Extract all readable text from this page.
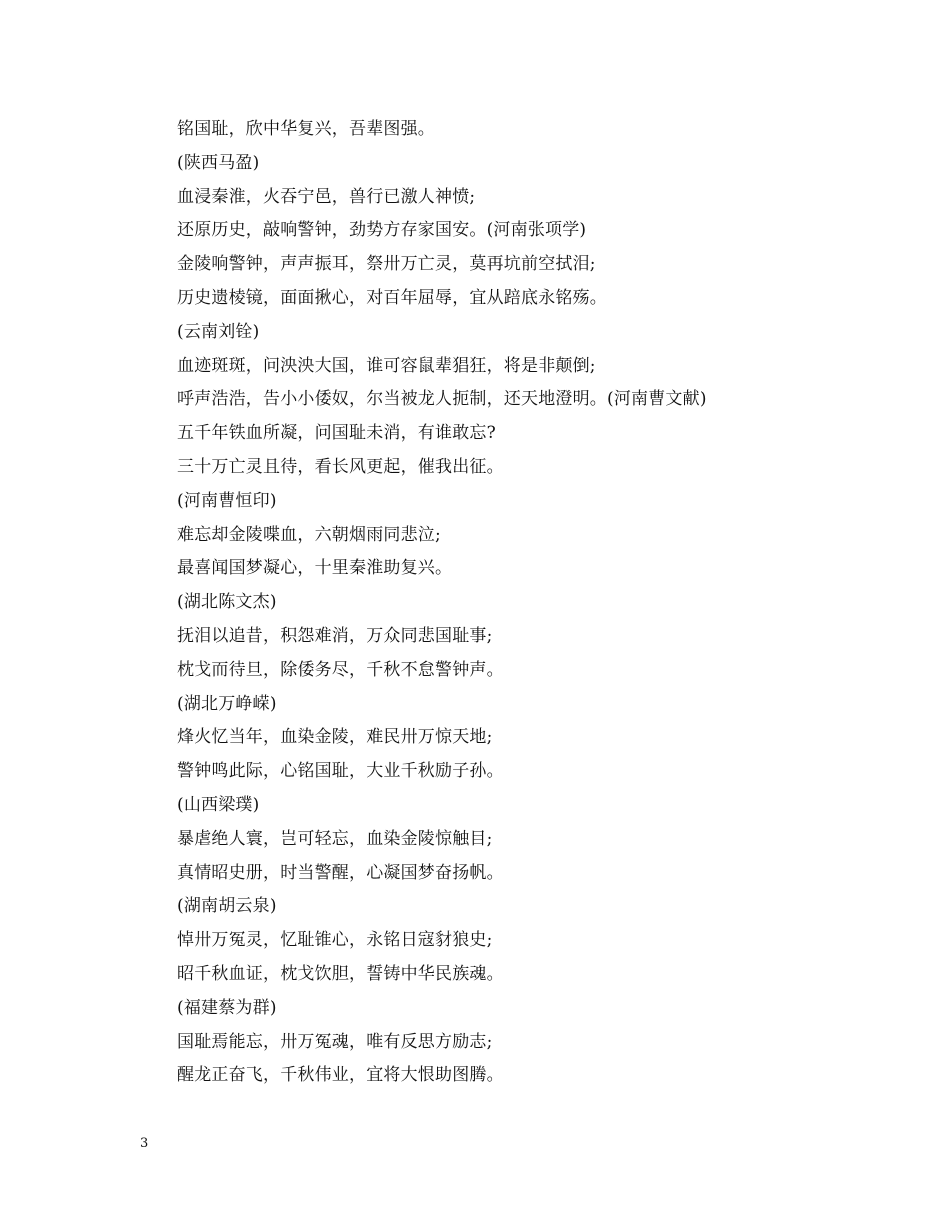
铭国耻，欣中华复兴，吾辈图强。
(陕西马盈)
血浸秦淮，火吞宁邑，兽行已激人神愤;
还原历史，敲响警钟，劲势方存家国安。(河南张项学)
金陵响警钟，声声振耳，祭卅万亡灵，莫再坑前空拭泪;
历史遗棱镜，面面揪心，对百年屈辱，宜从踣底永铭殇。
(云南刘铨)
血迹斑斑，问泱泱大国，谁可容鼠辈猖狂，将是非颠倒;
呼声浩浩，告小小倭奴，尔当被龙人扼制，还天地澄明。(河南曹文献)
五千年铁血所凝，问国耻未消，有谁敢忘?
三十万亡灵且待，看长风更起，催我出征。
(河南曹恒印)
难忘却金陵喋血，六朝烟雨同悲泣;
最喜闻国梦凝心，十里秦淮助复兴。
(湖北陈文杰)
抚泪以追昔，积怨难消，万众同悲国耻事;
枕戈而待旦，除倭务尽，千秋不怠警钟声。
(湖北万峥嵘)
烽火忆当年，血染金陵，难民卅万惊天地;
警钟鸣此际，心铭国耻，大业千秋励子孙。
(山西梁璞)
暴虐绝人寰，岂可轻忘，血染金陵惊触目;
真情昭史册，时当警醒，心凝国梦奋扬帆。
(湖南胡云泉)
悼卅万冤灵，忆耻锥心，永铭日寇豺狼史;
昭千秋血证，枕戈饮胆，誓铸中华民族魂。
(福建蔡为群)
国耻焉能忘，卅万冤魂，唯有反思方励志;
醒龙正奋飞，千秋伟业，宜将大恨助图腾。
3
